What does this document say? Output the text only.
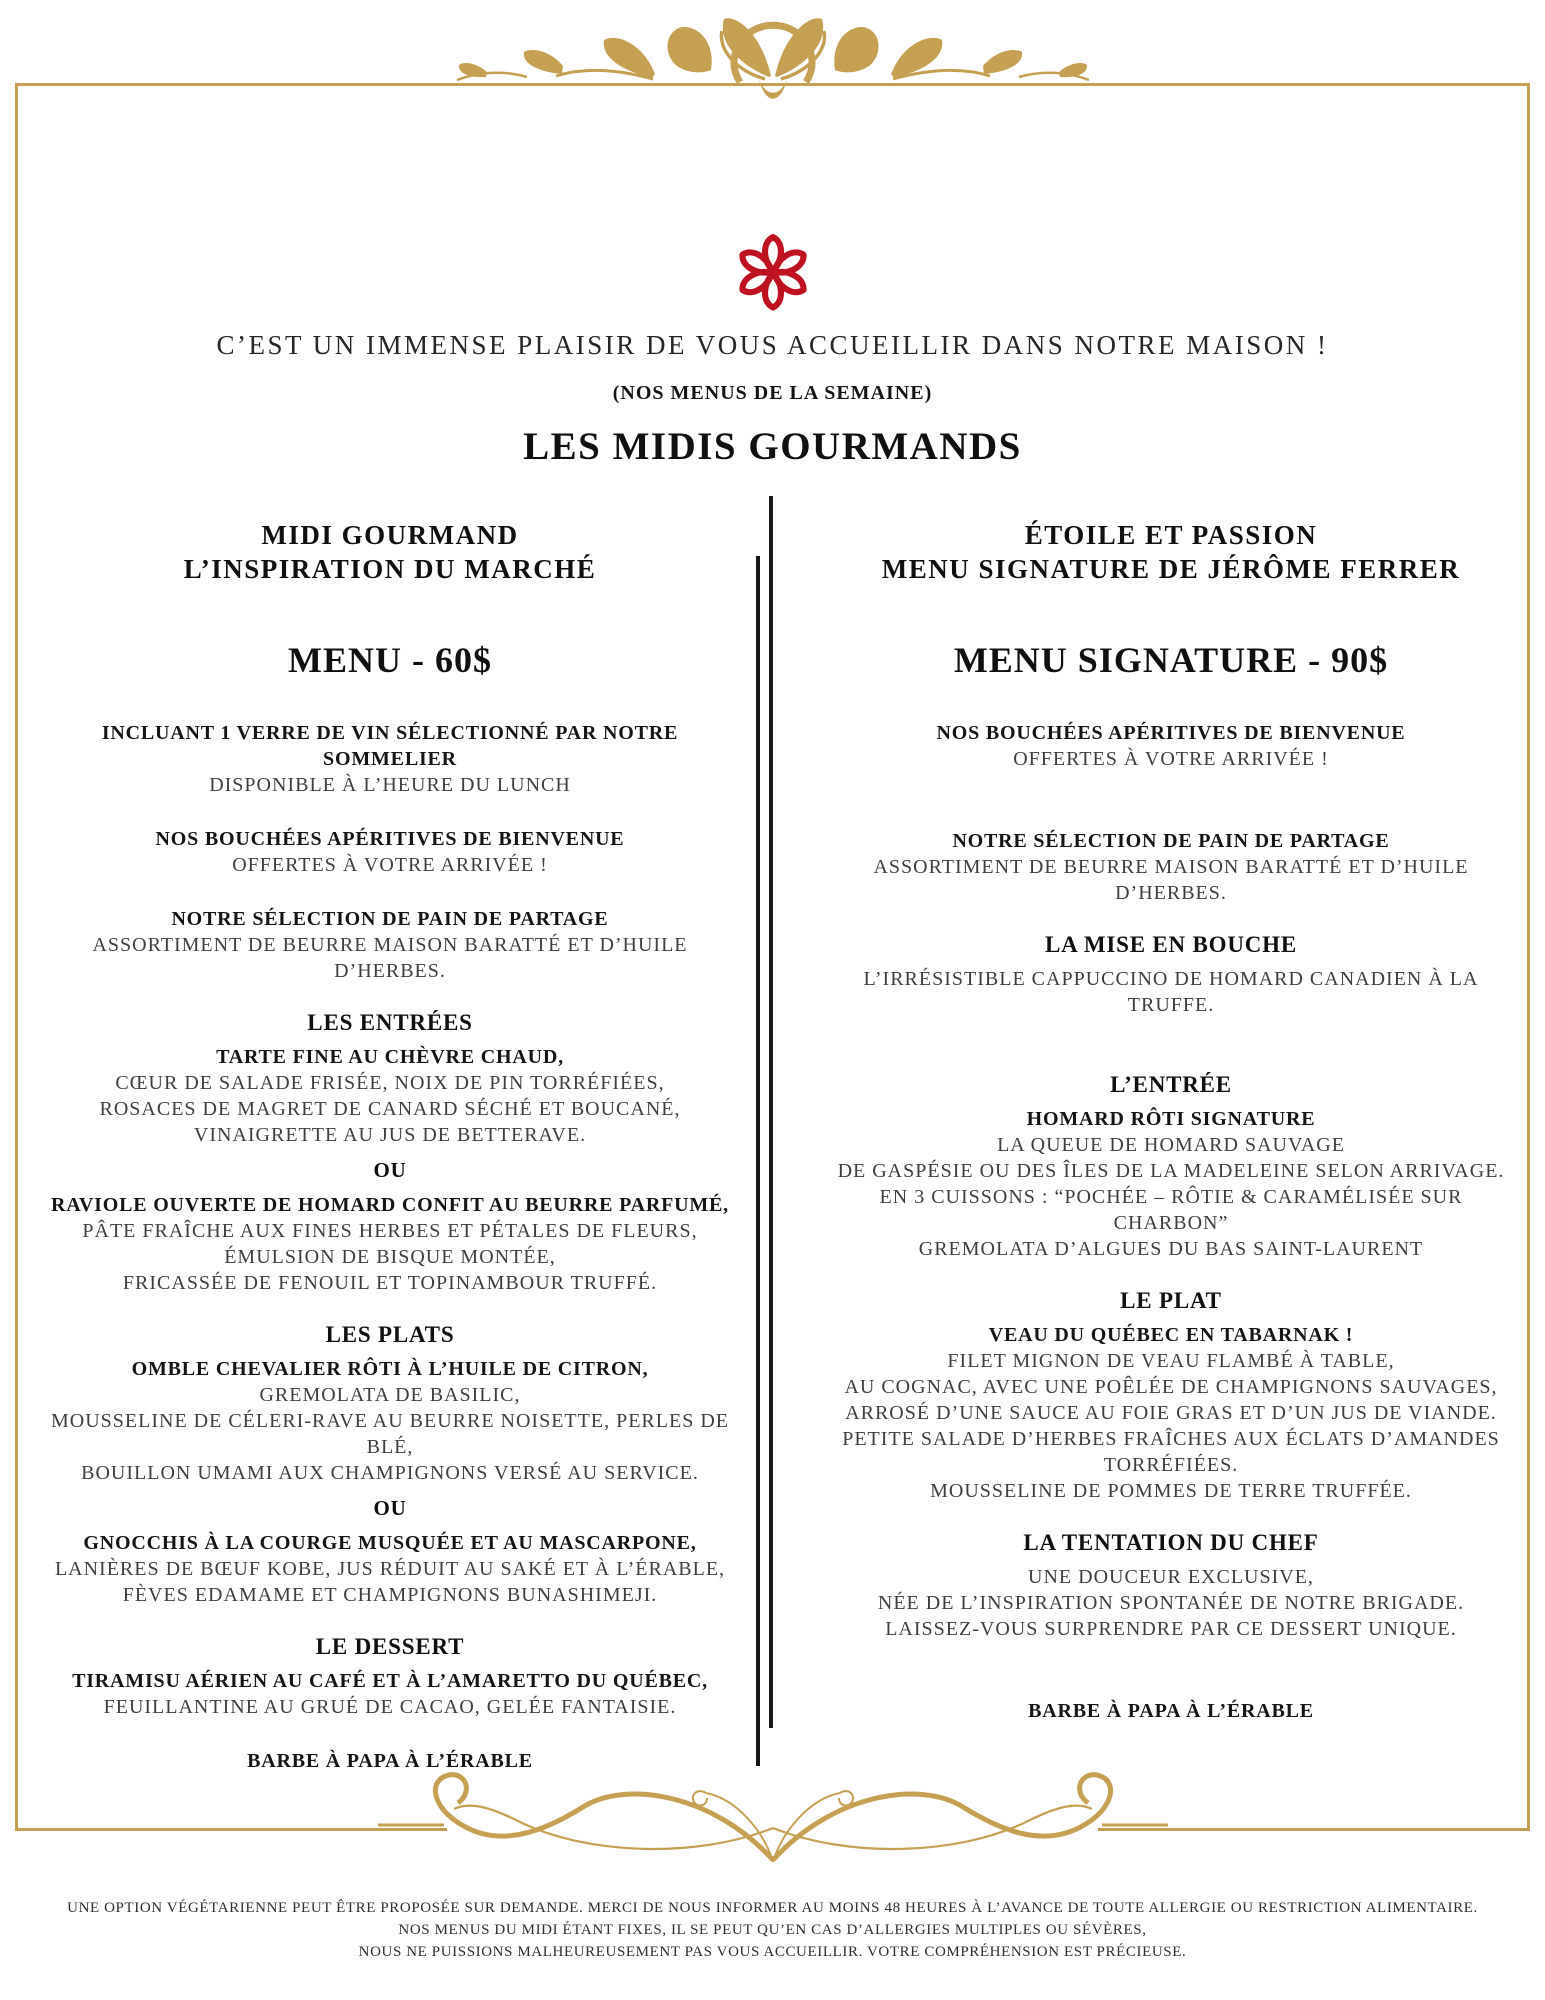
C’EST UN IMMENSE PLAISIR DE VOUS ACCUEILLIR DANS NOTRE MAISON !
(NOS MENUS DE LA SEMAINE)
LES MIDIS GOURMANDS
MIDI GOURMAND
L’INSPIRATION DU MARCHÉ
MENU - 60$
INCLUANT 1 VERRE DE VIN SÉLECTIONNÉ PAR NOTRE SOMMELIER
DISPONIBLE À L’HEURE DU LUNCH
NOS BOUCHÉES APÉRITIVES DE BIENVENUE
OFFERTES À VOTRE ARRIVÉE !
NOTRE SÉLECTION DE PAIN DE PARTAGE
ASSORTIMENT DE BEURRE MAISON BARATTÉ ET D’HUILE D’HERBES.
LES ENTRÉES
TARTE FINE AU CHÈVRE CHAUD,
CŒUR DE SALADE FRISÉE, NOIX DE PIN TORRÉFIÉES,
ROSACES DE MAGRET DE CANARD SÉCHÉ ET BOUCANÉ,
VINAIGRETTE AU JUS DE BETTERAVE.
OU
RAVIOLE OUVERTE DE HOMARD CONFIT AU BEURRE PARFUMÉ,
PÂTE FRAÎCHE AUX FINES HERBES ET PÉTALES DE FLEURS,
ÉMULSION DE BISQUE MONTÉE,
FRICASSÉE DE FENOUIL ET TOPINAMBOUR TRUFFÉ.
LES PLATS
OMBLE CHEVALIER RÔTI À L’HUILE DE CITRON,
GREMOLATA DE BASILIC,
MOUSSELINE DE CÉLERI-RAVE AU BEURRE NOISETTE, PERLES DE BLÉ,
BOUILLON UMAMI AUX CHAMPIGNONS VERSÉ AU SERVICE.
OU
GNOCCHIS À LA COURGE MUSQUÉE ET AU MASCARPONE,
LANIÈRES DE BŒUF KOBE, JUS RÉDUIT AU SAKÉ ET À L’ÉRABLE,
FÈVES EDAMAME ET CHAMPIGNONS BUNASHIMEJI.
LE DESSERT
TIRAMISU AÉRIEN AU CAFÉ ET À L’AMARETTO DU QUÉBEC,
FEUILLANTINE AU GRUÉ DE CACAO, GELÉE FANTAISIE.
BARBE À PAPA À L’ÉRABLE
ÉTOILE ET PASSION
MENU SIGNATURE DE JÉRÔME FERRER
MENU SIGNATURE - 90$
NOS BOUCHÉES APÉRITIVES DE BIENVENUE
OFFERTES À VOTRE ARRIVÉE !
NOTRE SÉLECTION DE PAIN DE PARTAGE
ASSORTIMENT DE BEURRE MAISON BARATTÉ ET D’HUILE D’HERBES.
LA MISE EN BOUCHE
L’IRRÉSISTIBLE CAPPUCCINO DE HOMARD CANADIEN À LA TRUFFE.
L’ENTRÉE
HOMARD RÔTI SIGNATURE
LA QUEUE DE HOMARD SAUVAGE
DE GASPÉSIE OU DES ÎLES DE LA MADELEINE SELON ARRIVAGE.
EN 3 CUISSONS : “POCHÉE – RÔTIE & CARAMÉLISÉE SUR CHARBON”
GREMOLATA D’ALGUES DU BAS SAINT-LAURENT
LE PLAT
VEAU DU QUÉBEC EN TABARNAK !
FILET MIGNON DE VEAU FLAMBÉ À TABLE,
AU COGNAC, AVEC UNE POÊLÉE DE CHAMPIGNONS SAUVAGES,
ARROSÉ D’UNE SAUCE AU FOIE GRAS ET D’UN JUS DE VIANDE.
PETITE SALADE D’HERBES FRAÎCHES AUX ÉCLATS D’AMANDES TORRÉFIÉES.
MOUSSELINE DE POMMES DE TERRE TRUFFÉE.
LA TENTATION DU CHEF
UNE DOUCEUR EXCLUSIVE,
NÉE DE L’INSPIRATION SPONTANÉE DE NOTRE BRIGADE.
LAISSEZ-VOUS SURPRENDRE PAR CE DESSERT UNIQUE.
BARBE À PAPA À L’ÉRABLE
UNE OPTION VÉGÉTARIENNE PEUT ÊTRE PROPOSÉE SUR DEMANDE. MERCI DE NOUS INFORMER AU MOINS 48 HEURES À L’AVANCE DE TOUTE ALLERGIE OU RESTRICTION ALIMENTAIRE.
NOS MENUS DU MIDI ÉTANT FIXES, IL SE PEUT QU’EN CAS D’ALLERGIES MULTIPLES OU SÉVÈRES,
NOUS NE PUISSIONS MALHEUREUSEMENT PAS VOUS ACCUEILLIR. VOTRE COMPRÉHENSION EST PRÉCIEUSE.
